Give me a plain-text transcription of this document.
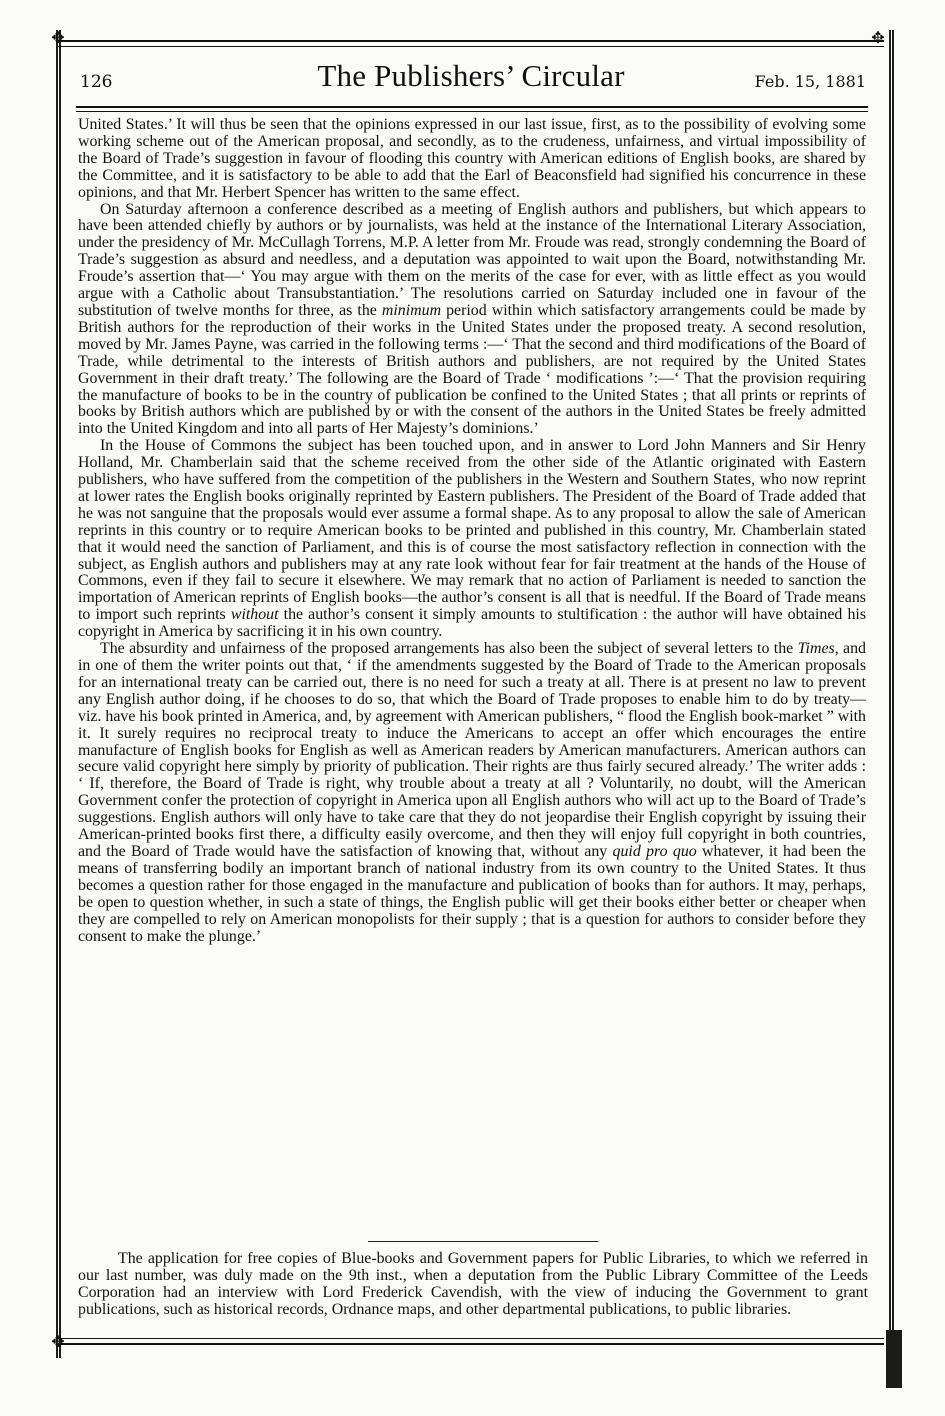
✥	✥
✥
126	The Publishers’ Circular	Feb. 15, 1881

United States.’ It will thus be seen that the opinions expressed in our last issue, first, as to the possibility of evolving some working scheme out of the American proposal, and secondly, as to the crudeness, unfairness, and virtual impossibility of the Board of Trade’s suggestion in favour of flooding this country with American editions of English books, are shared by the Committee, and it is satisfactory to be able to add that the Earl of Beaconsfield had signified his concurrence in these opinions, and that Mr. Herbert Spencer has written to the same effect.

On Saturday afternoon a conference described as a meeting of English authors and publishers, but which appears to have been attended chiefly by authors or by journalists, was held at the instance of the International Literary Association, under the presidency of Mr. McCullagh Torrens, M.P. A letter from Mr. Froude was read, strongly condemning the Board of Trade’s suggestion as absurd and needless, and a deputation was appointed to wait upon the Board, notwithstanding Mr. Froude’s assertion that—‘ You may argue with them on the merits of the case for ever, with as little effect as you would argue with a Catholic about Transubstantiation.’ The resolutions carried on Saturday included one in favour of the substitution of twelve months for three, as the minimum period within which satisfactory arrangements could be made by British authors for the reproduction of their works in the United States under the proposed treaty. A second resolution, moved by Mr. James Payne, was carried in the following terms :—‘ That the second and third modifications of the Board of Trade, while detrimental to the interests of British authors and publishers, are not required by the United States Government in their draft treaty.’ The following are the Board of Trade ‘ modifications ’:—‘ That the provision requiring the manufacture of books to be in the country of publication be confined to the United States ; that all prints or reprints of books by British authors which are published by or with the consent of the authors in the United States be freely admitted into the United Kingdom and into all parts of Her Majesty’s dominions.’

In the House of Commons the subject has been touched upon, and in answer to Lord John Manners and Sir Henry Holland, Mr. Chamberlain said that the scheme received from the other side of the Atlantic originated with Eastern publishers, who have suffered from the competition of the publishers in the Western and Southern States, who now reprint at lower rates the English books originally reprinted by Eastern publishers. The President of the Board of Trade added that he was not sanguine that the proposals would ever assume a formal shape. As to any proposal to allow the sale of American reprints in this country or to require American books to be printed and published in this country, Mr. Chamberlain stated that it would need the sanction of Parliament, and this is of course the most satisfactory reflection in connection with the subject, as English authors and publishers may at any rate look without fear for fair treatment at the hands of the House of Commons, even if they fail to secure it elsewhere. We may remark that no action of Parliament is needed to sanction the importation of American reprints of English books—the author’s consent is all that is needful. If the Board of Trade means to import such reprints without the author’s consent it simply amounts to stultification : the author will have obtained his copyright in America by sacrificing it in his own country.

The absurdity and unfairness of the proposed arrangements has also been the subject of several letters to the Times, and in one of them the writer points out that, ‘ if the amendments suggested by the Board of Trade to the American proposals for an international treaty can be carried out, there is no need for such a treaty at all. There is at present no law to prevent any English author doing, if he chooses to do so, that which the Board of Trade proposes to enable him to do by treaty—viz. have his book printed in America, and, by agreement with American publishers, “ flood the English book-market ” with it. It surely requires no reciprocal treaty to induce the Americans to accept an offer which encourages the entire manufacture of English books for English as well as American readers by American manufacturers. American authors can secure valid copyright here simply by priority of publication. Their rights are thus fairly secured already.’ The writer adds : ‘ If, therefore, the Board of Trade is right, why trouble about a treaty at all ? Voluntarily, no doubt, will the American Government confer the protection of copyright in America upon all English authors who will act up to the Board of Trade’s suggestions. English authors will only have to take care that they do not jeopardise their English copyright by issuing their American-printed books first there, a difficulty easily overcome, and then they will enjoy full copyright in both countries, and the Board of Trade would have the satisfaction of knowing that, without any quid pro quo whatever, it had been the means of transferring bodily an important branch of national industry from its own country to the United States. It thus becomes a question rather for those engaged in the manufacture and publication of books than for authors. It may, perhaps, be open to question whether, in such a state of things, the English public will get their books either better or cheaper when they are compelled to rely on American monopolists for their supply ; that is a question for authors to consider before they consent to make the plunge.’

The application for free copies of Blue-books and Government papers for Public Libraries, to which we referred in our last number, was duly made on the 9th inst., when a deputation from the Public Library Committee of the Leeds Corporation had an interview with Lord Frederick Cavendish, with the view of inducing the Government to grant publications, such as historical records, Ordnance maps, and other departmental publications, to public libraries.
